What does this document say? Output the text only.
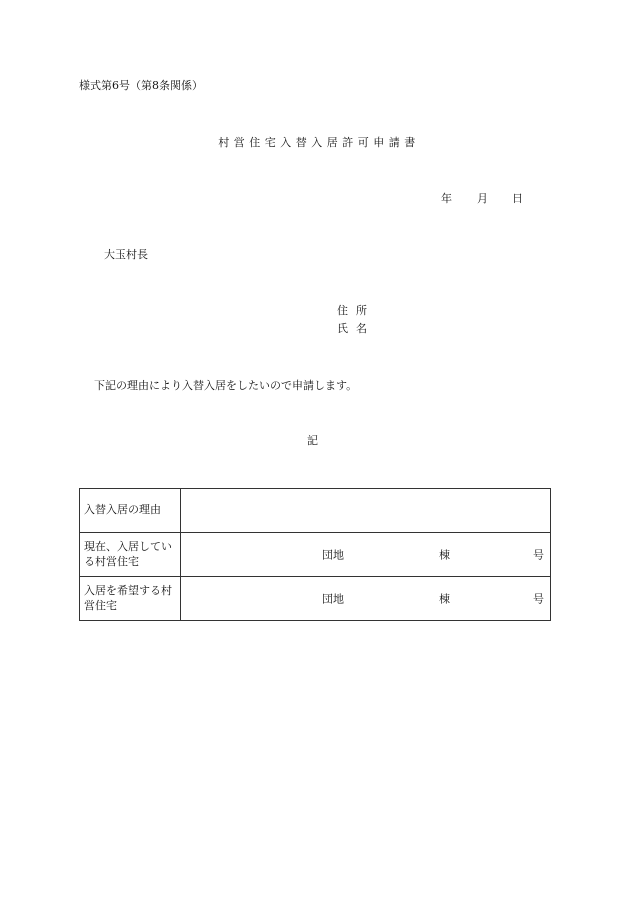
様式第6号（第8条関係）
村営住宅入替入居許可申請書
年 月 日
大玉村長
住所
氏名
下記の理由により入替入居をしたいので申請します。
記
入替入居の理由	
現在、入居している村営住宅	団地 棟 号

入居を希望する村営住宅	団地 棟 号
